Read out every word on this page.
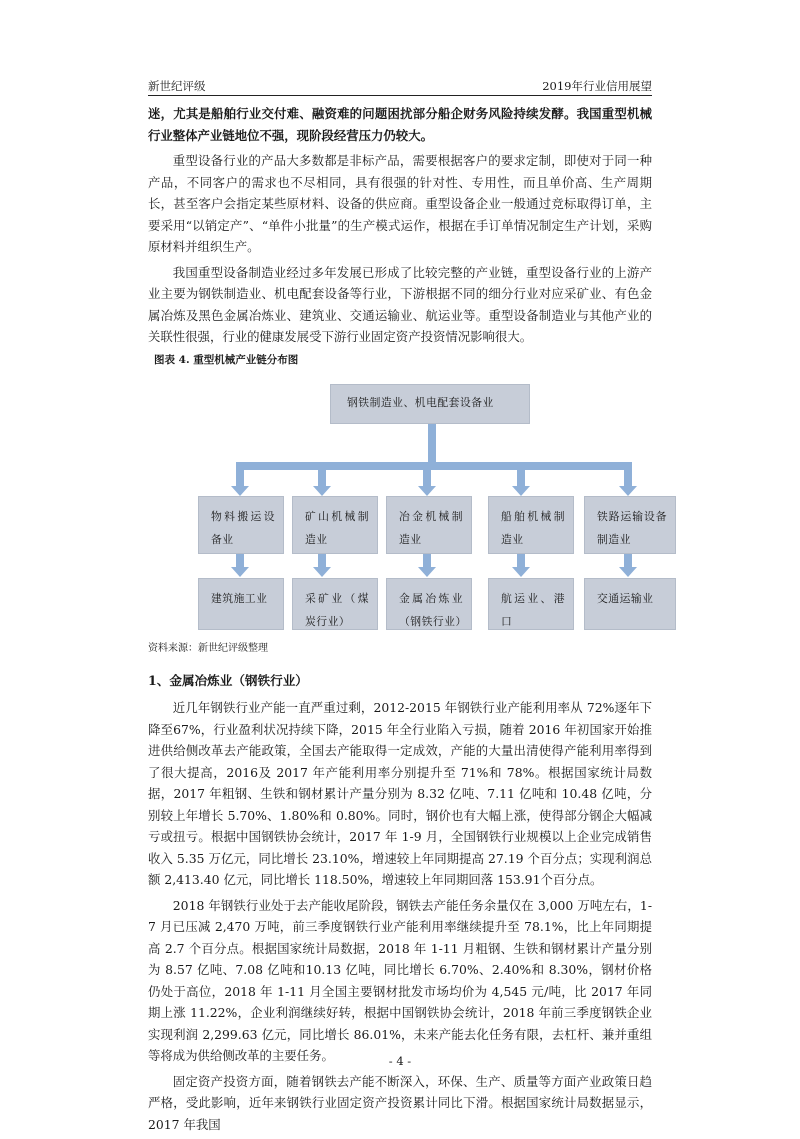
新世纪评级	2019年行业信用展望

迷，尤其是船舶行业交付难、融资难的问题困扰部分船企财务风险持续发酵。我国重型机械行业整体产业链地位不强，现阶段经营压力仍较大。

重型设备行业的产品大多数都是非标产品，需要根据客户的要求定制，即使对于同一种产品，不同客户的需求也不尽相同，具有很强的针对性、专用性，而且单价高、生产周期长，甚至客户会指定某些原材料、设备的供应商。重型设备企业一般通过竞标取得订单，主要采用“以销定产”、“单件小批量”的生产模式运作，根据在手订单情况制定生产计划，采购原材料并组织生产。

我国重型设备制造业经过多年发展已形成了比较完整的产业链，重型设备行业的上游产业主要为钢铁制造业、机电配套设备等行业，下游根据不同的细分行业对应采矿业、有色金属冶炼及黑色金属冶炼业、建筑业、交通运输业、航运业等。重型设备制造业与其他产业的关联性很强，行业的健康发展受下游行业固定资产投资情况影响很大。

图表 4. 重型机械产业链分布图
钢铁制造业、机电配套设备业
物料搬运设备业
矿山机械制造业
冶金机械制造业
船舶机械制造业
铁路运输设备制造业
建筑施工业	采矿业（煤炭行业）
金属冶炼业（钢铁行业）
航运业、港口
交通运输业
资料来源：新世纪评级整理
1、金属冶炼业（钢铁行业）

近几年钢铁行业产能一直严重过剩，2012-2015 年钢铁行业产能利用率从 72%逐年下降至67%，行业盈利状况持续下降，2015 年全行业陷入亏损，随着 2016 年初国家开始推进供给侧改革去产能政策，全国去产能取得一定成效，产能的大量出清使得产能利用率得到了很大提高，2016及 2017 年产能利用率分别提升至 71%和 78%。根据国家统计局数据，2017 年粗钢、生铁和钢材累计产量分别为 8.32 亿吨、7.11 亿吨和 10.48 亿吨，分别较上年增长 5.70%、1.80%和 0.80%。同时，钢价也有大幅上涨，使得部分钢企大幅减亏或扭亏。根据中国钢铁协会统计，2017 年 1-9 月，全国钢铁行业规模以上企业完成销售收入 5.35 万亿元，同比增长 23.10%，增速较上年同期提高 27.19 个百分点；实现利润总额 2,413.40 亿元，同比增长 118.50%，增速较上年同期回落 153.91个百分点。

2018 年钢铁行业处于去产能收尾阶段，钢铁去产能任务余量仅在 3,000 万吨左右，1-7 月已压减 2,470 万吨，前三季度钢铁行业产能利用率继续提升至 78.1%，比上年同期提高 2.7 个百分点。根据国家统计局数据，2018 年 1-11 月粗钢、生铁和钢材累计产量分别为 8.57 亿吨、7.08 亿吨和10.13 亿吨，同比增长 6.70%、2.40%和 8.30%，钢材价格仍处于高位，2018 年 1-11 月全国主要钢材批发市场均价为 4,545 元/吨，比 2017 年同期上涨 11.22%，企业利润继续好转，根据中国钢铁协会统计，2018 年前三季度钢铁企业实现利润 2,299.63 亿元，同比增长 86.01%，未来产能去化任务有限，去杠杆、兼并重组等将成为供给侧改革的主要任务。

固定资产投资方面，随着钢铁去产能不断深入，环保、生产、质量等方面产业政策日趋严格，受此影响，近年来钢铁行业固定资产投资累计同比下滑。根据国家统计局数据显示，2017 年我国

- 4 -
